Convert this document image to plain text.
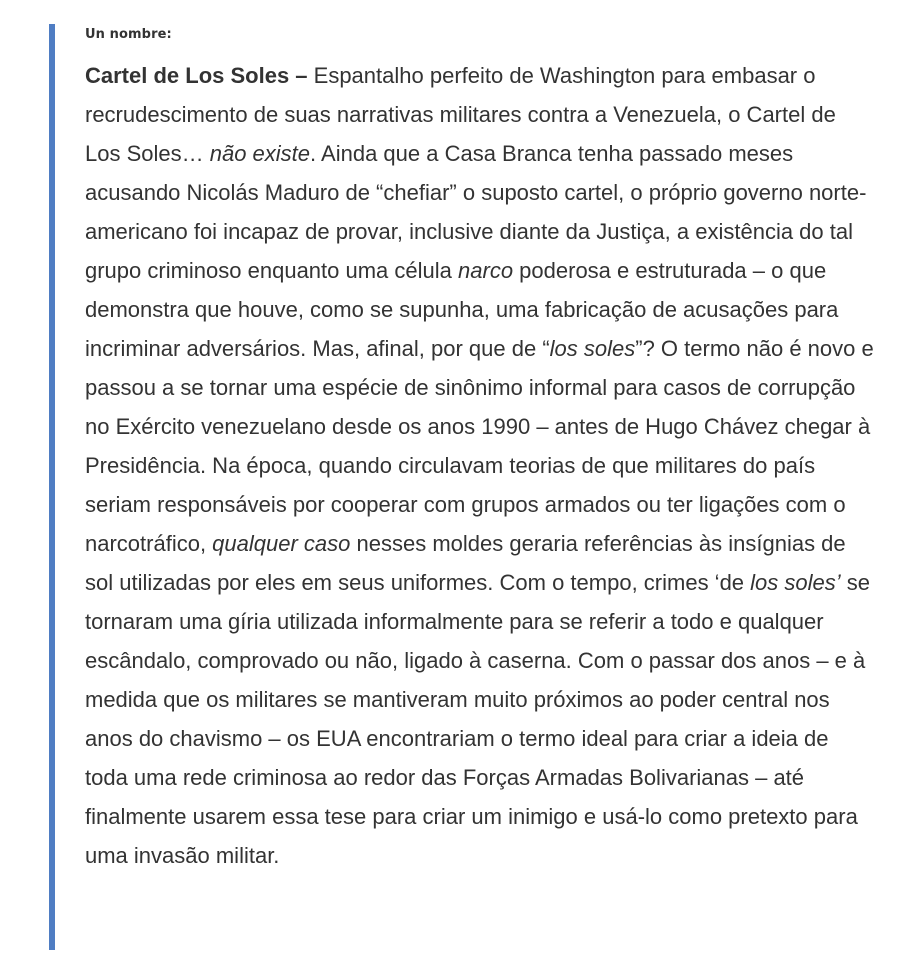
Un nombre:

Cartel de Los Soles – Espantalho perfeito de Washington para embasar o recrudescimento de suas narrativas militares contra a Venezuela, o Cartel de Los Soles… não existe. Ainda que a Casa Branca tenha passado meses acusando Nicolás Maduro de “chefiar” o suposto cartel, o próprio governo norte-americano foi incapaz de provar, inclusive diante da Justiça, a existência do tal grupo criminoso enquanto uma célula narco poderosa e estruturada – o que demonstra que houve, como se supunha, uma fabricação de acusações para incriminar adversários. Mas, afinal, por que de “los soles”? O termo não é novo e passou a se tornar uma espécie de sinônimo informal para casos de corrupção no Exército venezuelano desde os anos 1990 – antes de Hugo Chávez chegar à Presidência. Na época, quando circulavam teorias de que militares do país seriam responsáveis por cooperar com grupos armados ou ter ligações com o narcotráfico, qualquer caso nesses moldes geraria referências às insígnias de sol utilizadas por eles em seus uniformes. Com o tempo, crimes ‘de los soles’ se tornaram uma gíria utilizada informalmente para se referir a todo e qualquer escândalo, comprovado ou não, ligado à caserna. Com o passar dos anos – e à medida que os militares se mantiveram muito próximos ao poder central nos anos do chavismo – os EUA encontrariam o termo ideal para criar a ideia de toda uma rede criminosa ao redor das Forças Armadas Bolivarianas – até finalmente usarem essa tese para criar um inimigo e usá-lo como pretexto para uma invasão militar.
